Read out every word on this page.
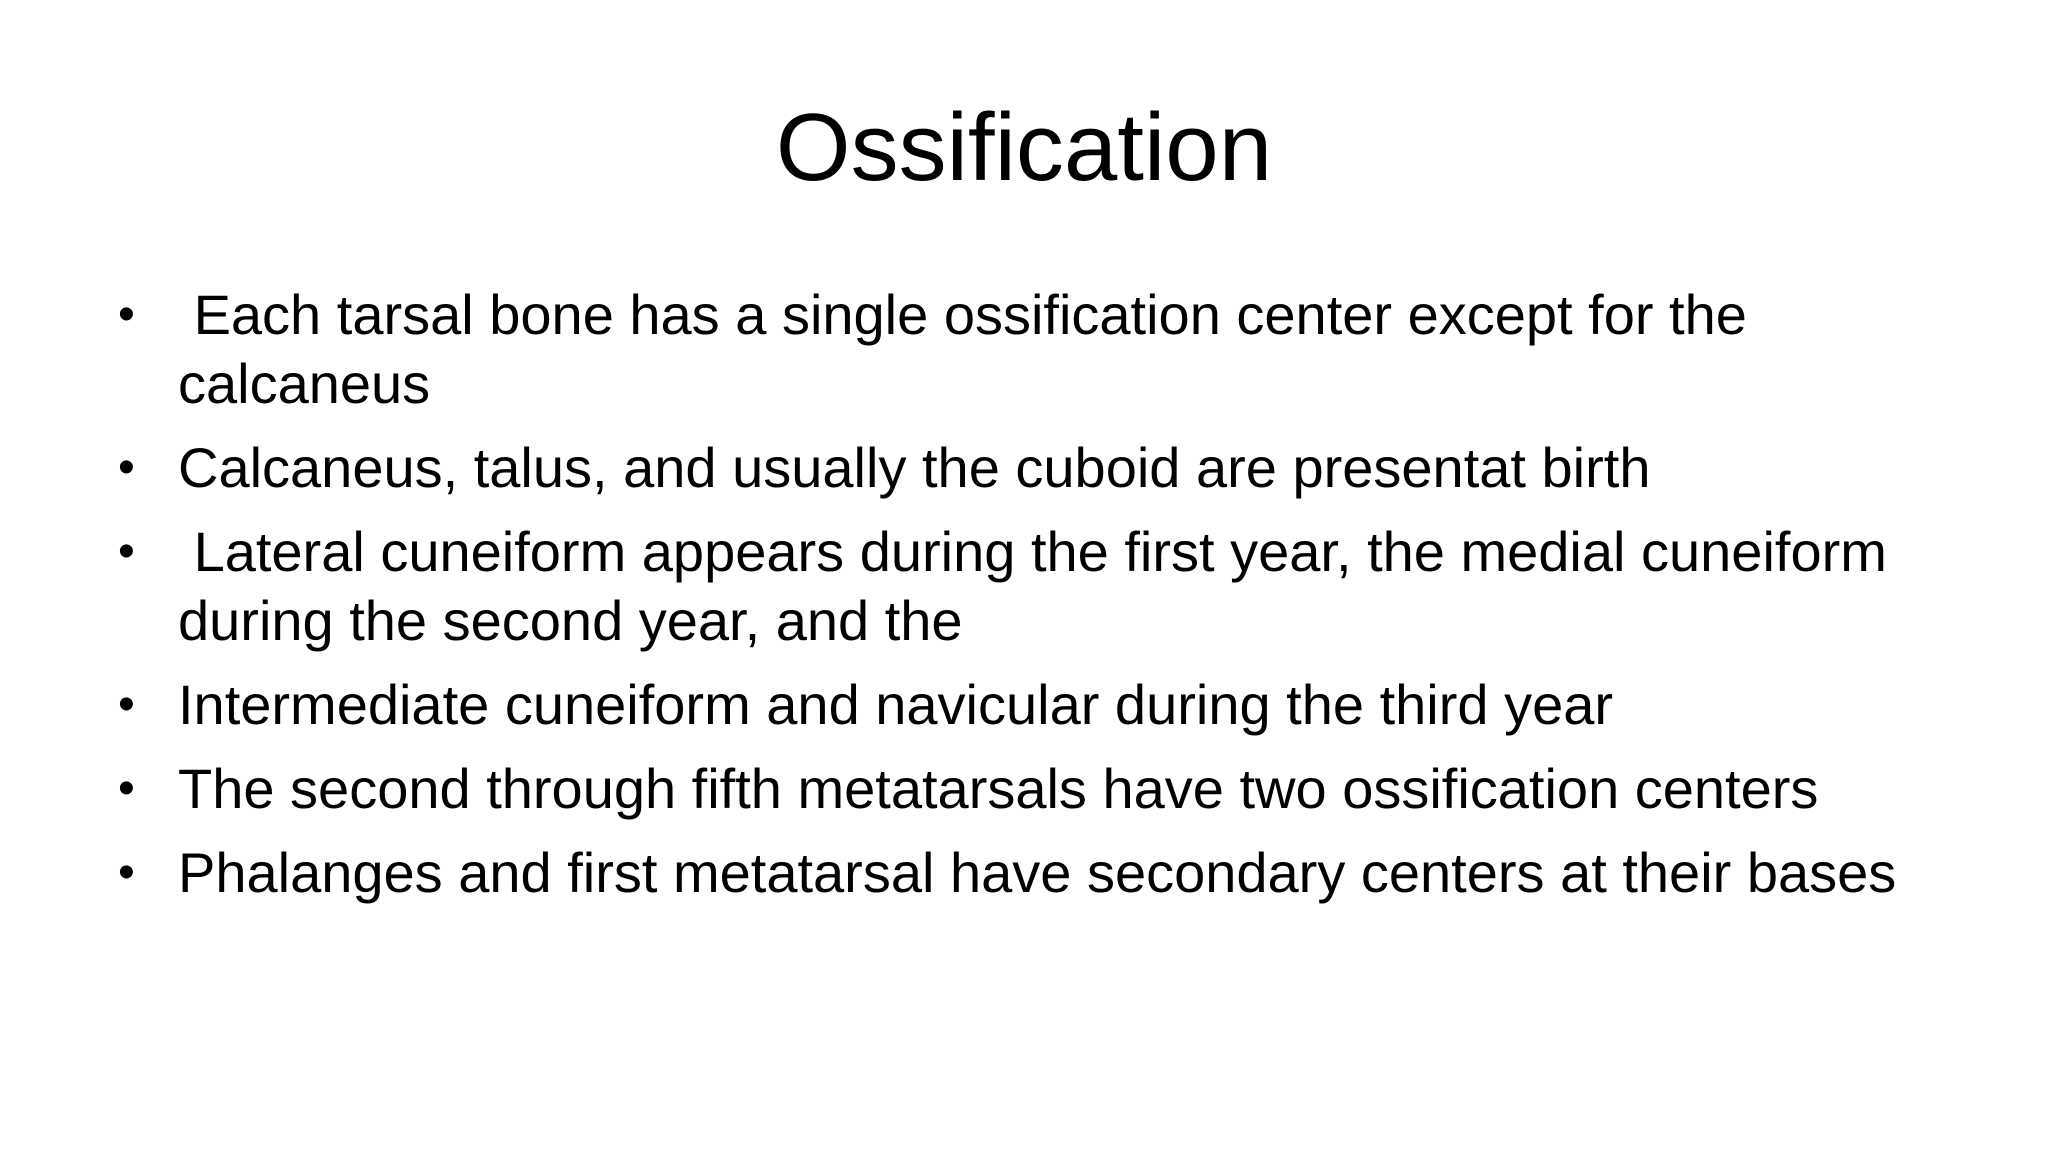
Ossification
• Each tarsal bone has a single ossification center except for the calcaneus
• Calcaneus, talus, and usually the cuboid are presentat birth
• Lateral cuneiform appears during the first year, the medial cuneiform during the second year, and the
• Intermediate cuneiform and navicular during the third year
• The second through fifth metatarsals have two ossification centers
• Phalanges and first metatarsal have secondary centers at their bases
